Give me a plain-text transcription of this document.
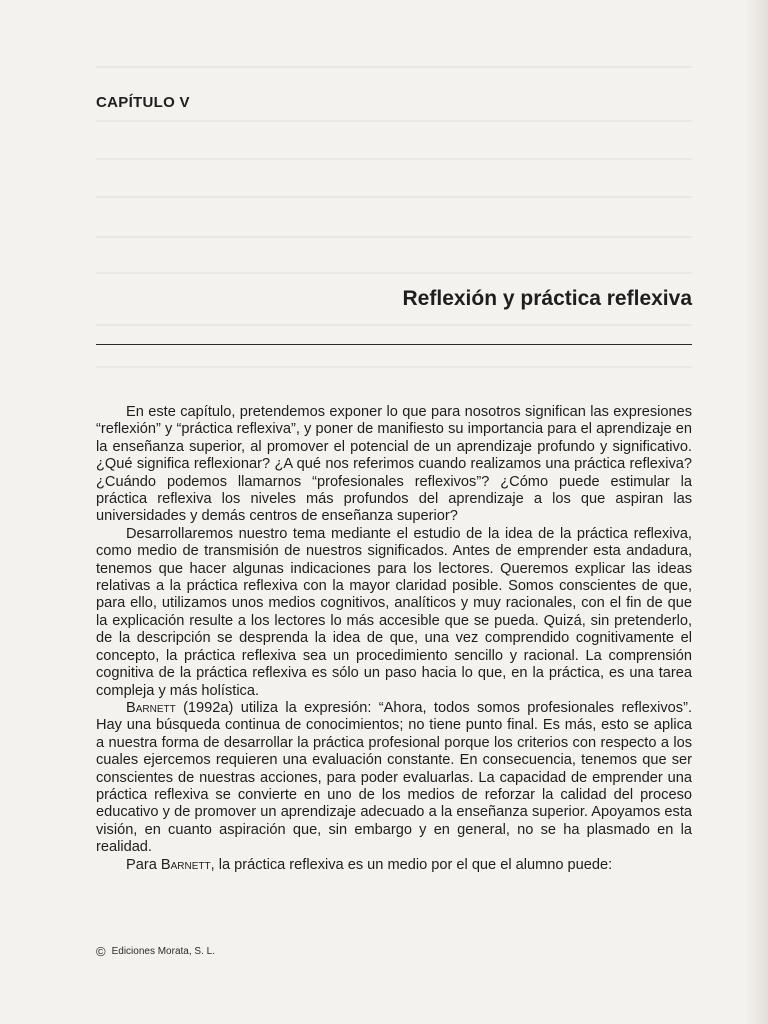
CAPÍTULO V
Reflexión y práctica reflexiva

En este capítulo, pretendemos exponer lo que para nosotros significan las expresiones “reflexión” y “práctica reflexiva”, y poner de manifiesto su importancia para el aprendizaje en la enseñanza superior, al promover el potencial de un aprendizaje profundo y significativo. ¿Qué significa reflexionar? ¿A qué nos referimos cuando realizamos una práctica reflexiva? ¿Cuándo podemos llamarnos “profesionales reflexivos”? ¿Cómo puede estimular la práctica reflexiva los niveles más profundos del aprendizaje a los que aspiran las universidades y demás centros de enseñanza superior?

Desarrollaremos nuestro tema mediante el estudio de la idea de la práctica reflexiva, como medio de transmisión de nuestros significados. Antes de emprender esta andadura, tenemos que hacer algunas indicaciones para los lectores. Queremos explicar las ideas relativas a la práctica reflexiva con la mayor claridad posible. Somos conscientes de que, para ello, utilizamos unos medios cognitivos, analíticos y muy racionales, con el fin de que la explicación resulte a los lectores lo más accesible que se pueda. Quizá, sin pretenderlo, de la descripción se desprenda la idea de que, una vez comprendido cognitivamente el concepto, la práctica reflexiva sea un procedimiento sencillo y racional. La comprensión cognitiva de la práctica reflexiva es sólo un paso hacia lo que, en la práctica, es una tarea compleja y más holística.

Barnett (1992a) utiliza la expresión: “Ahora, todos somos profesionales reflexivos”. Hay una búsqueda continua de conocimientos; no tiene punto final. Es más, esto se aplica a nuestra forma de desarrollar la práctica profesional porque los criterios con respecto a los cuales ejercemos requieren una evaluación constante. En consecuencia, tenemos que ser conscientes de nuestras acciones, para poder evaluarlas. La capacidad de emprender una práctica reflexiva se convierte en uno de los medios de reforzar la calidad del proceso educativo y de promover un aprendizaje adecuado a la enseñanza superior. Apoyamos esta visión, en cuanto aspiración que, sin embargo y en general, no se ha plasmado en la realidad.

Para Barnett, la práctica reflexiva es un medio por el que el alumno puede:

© Ediciones Morata, S. L.
